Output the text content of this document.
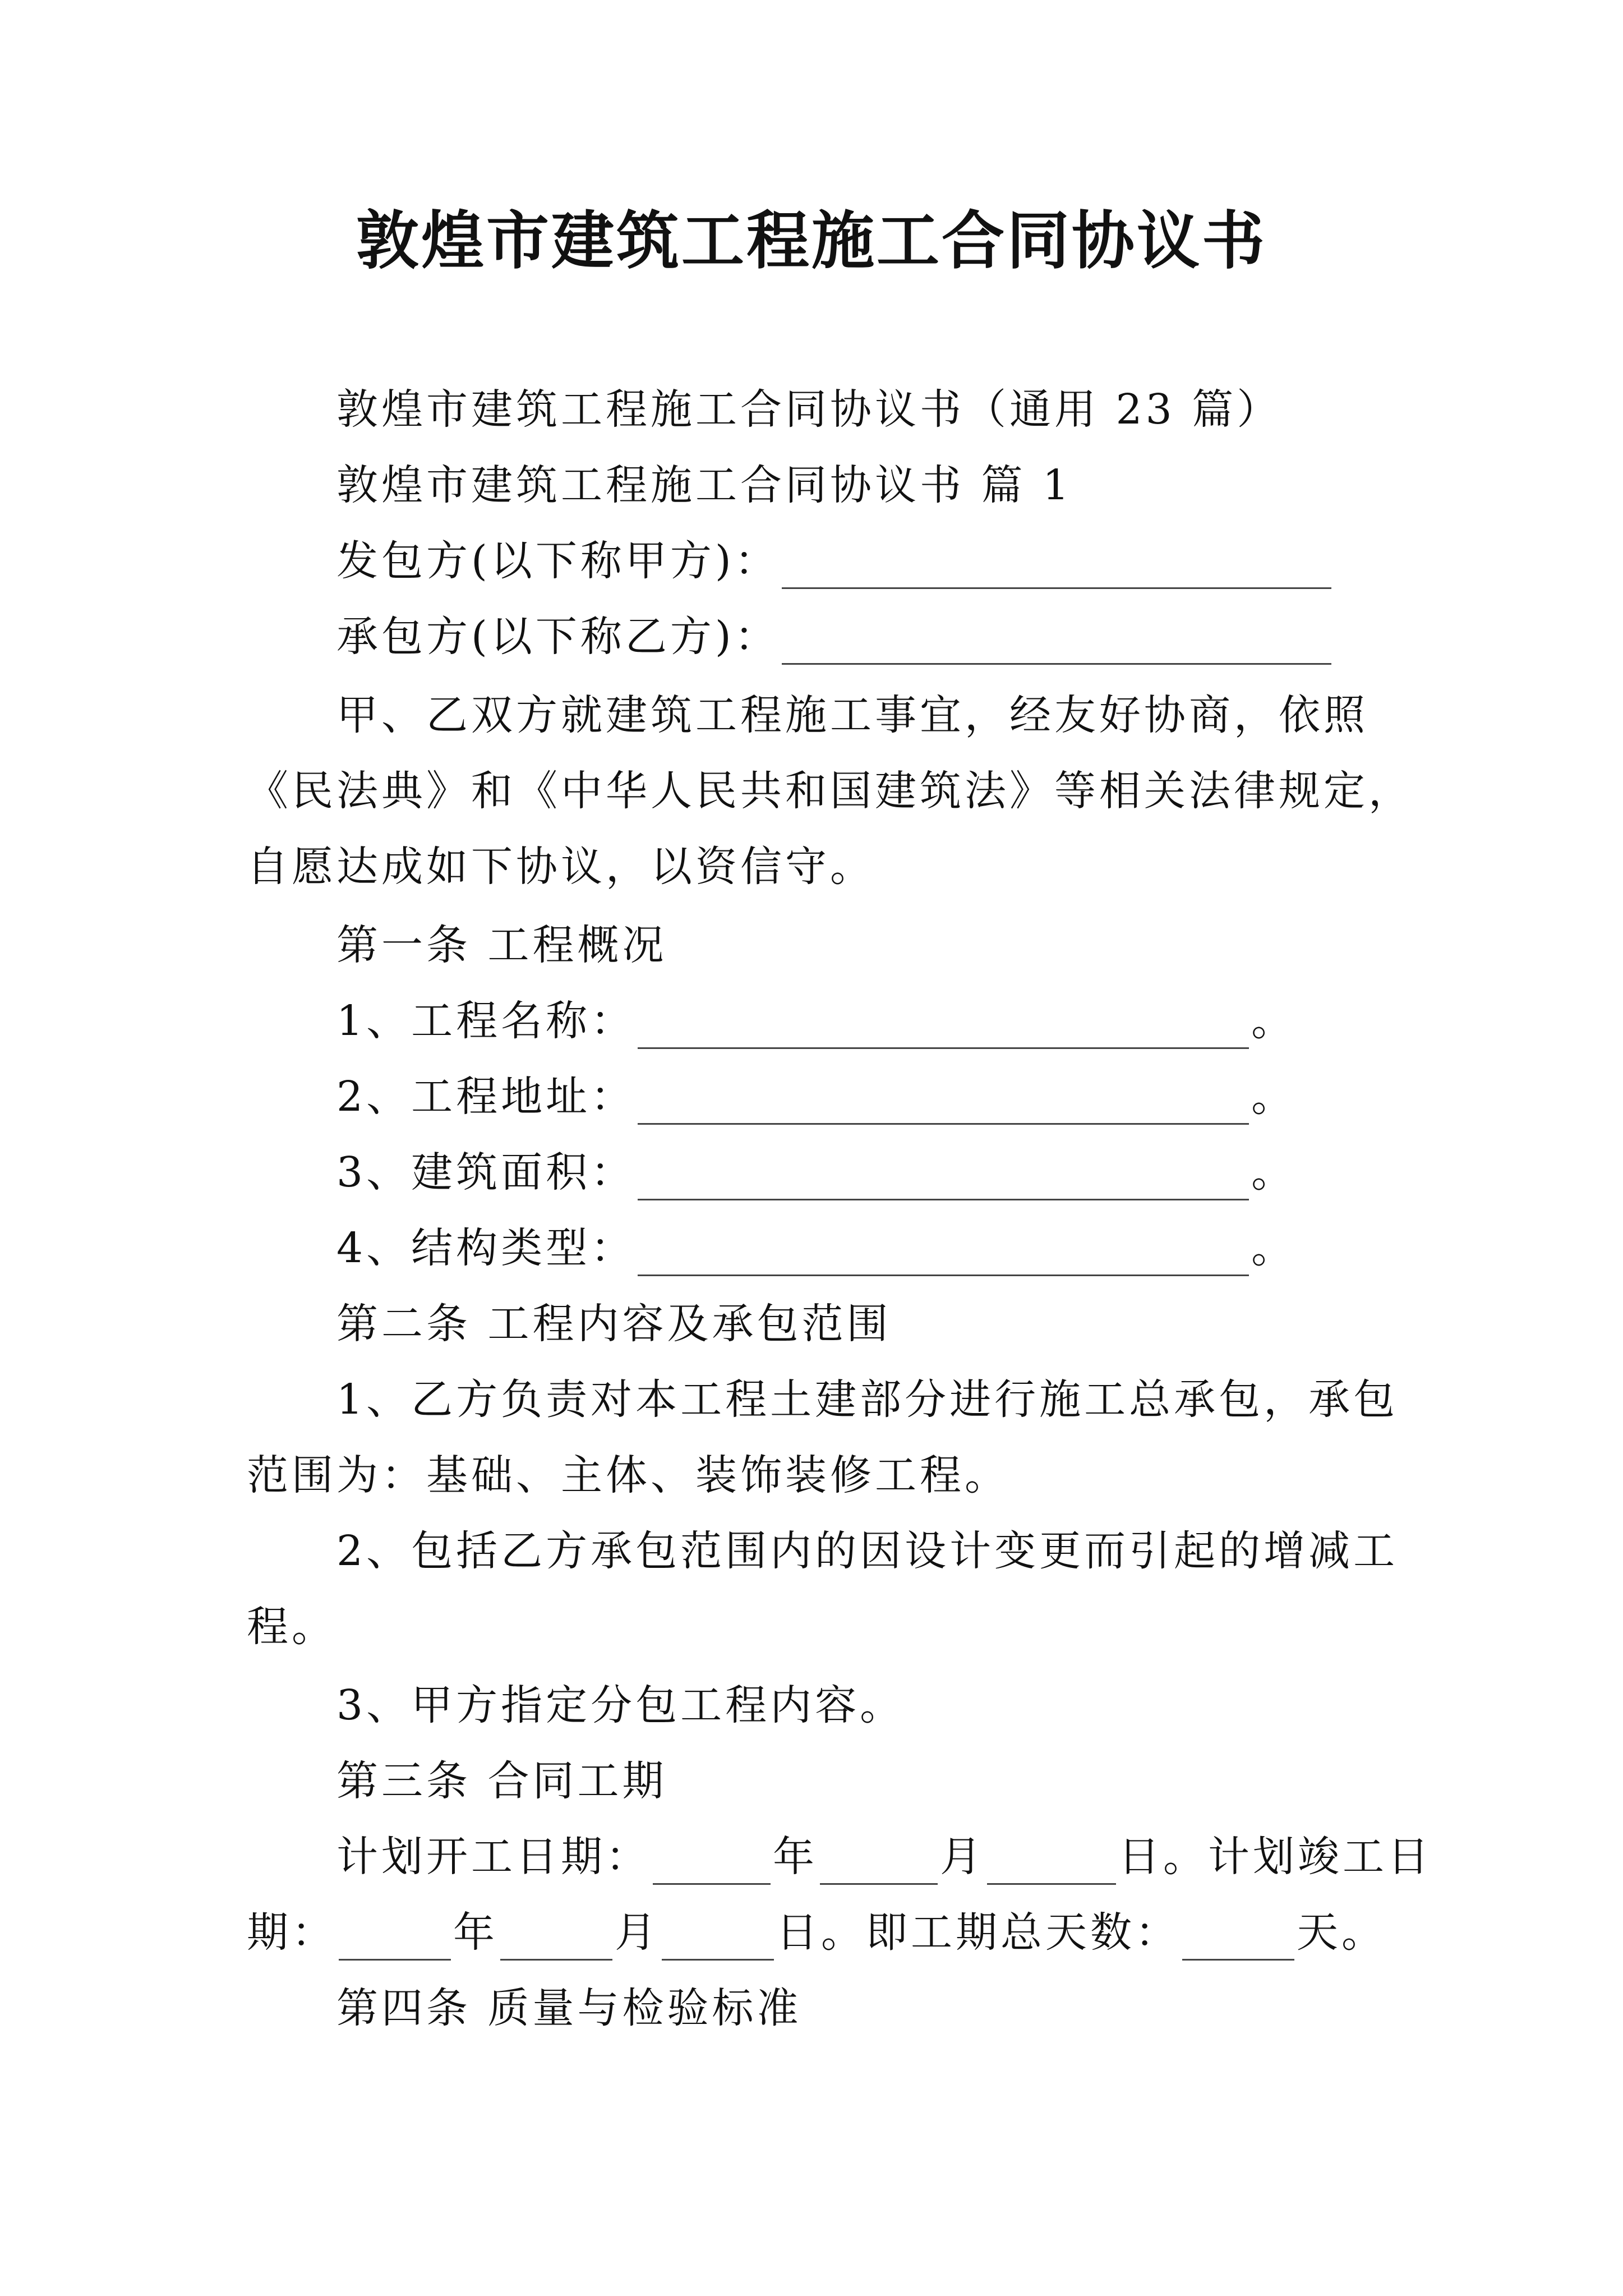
敦煌市建筑工程施工合同协议书
敦煌市建筑工程施工合同协议书（通用 23 篇）
敦煌市建筑工程施工合同协议书 篇 1
发包方(以下称甲方)：
承包方(以下称乙方)：
甲、乙双方就建筑工程施工事宜，经友好协商，依照
《民法典》和《中华人民共和国建筑法》等相关法律规定，
自愿达成如下协议，以资信守。
第一条 工程概况
1、工程名称：	。
2、工程地址：	。
3、建筑面积：	。
4、结构类型：	。
第二条 工程内容及承包范围
1、乙方负责对本工程土建部分进行施工总承包，承包
范围为：基础、主体、装饰装修工程。
2、包括乙方承包范围内的因设计变更而引起的增减工
程。
3、甲方指定分包工程内容。
第三条 合同工期
计划开工日期：	年	月	日。计划竣工日
期：	年	月	日。即工期总天数：	天。
第四条 质量与检验标准
